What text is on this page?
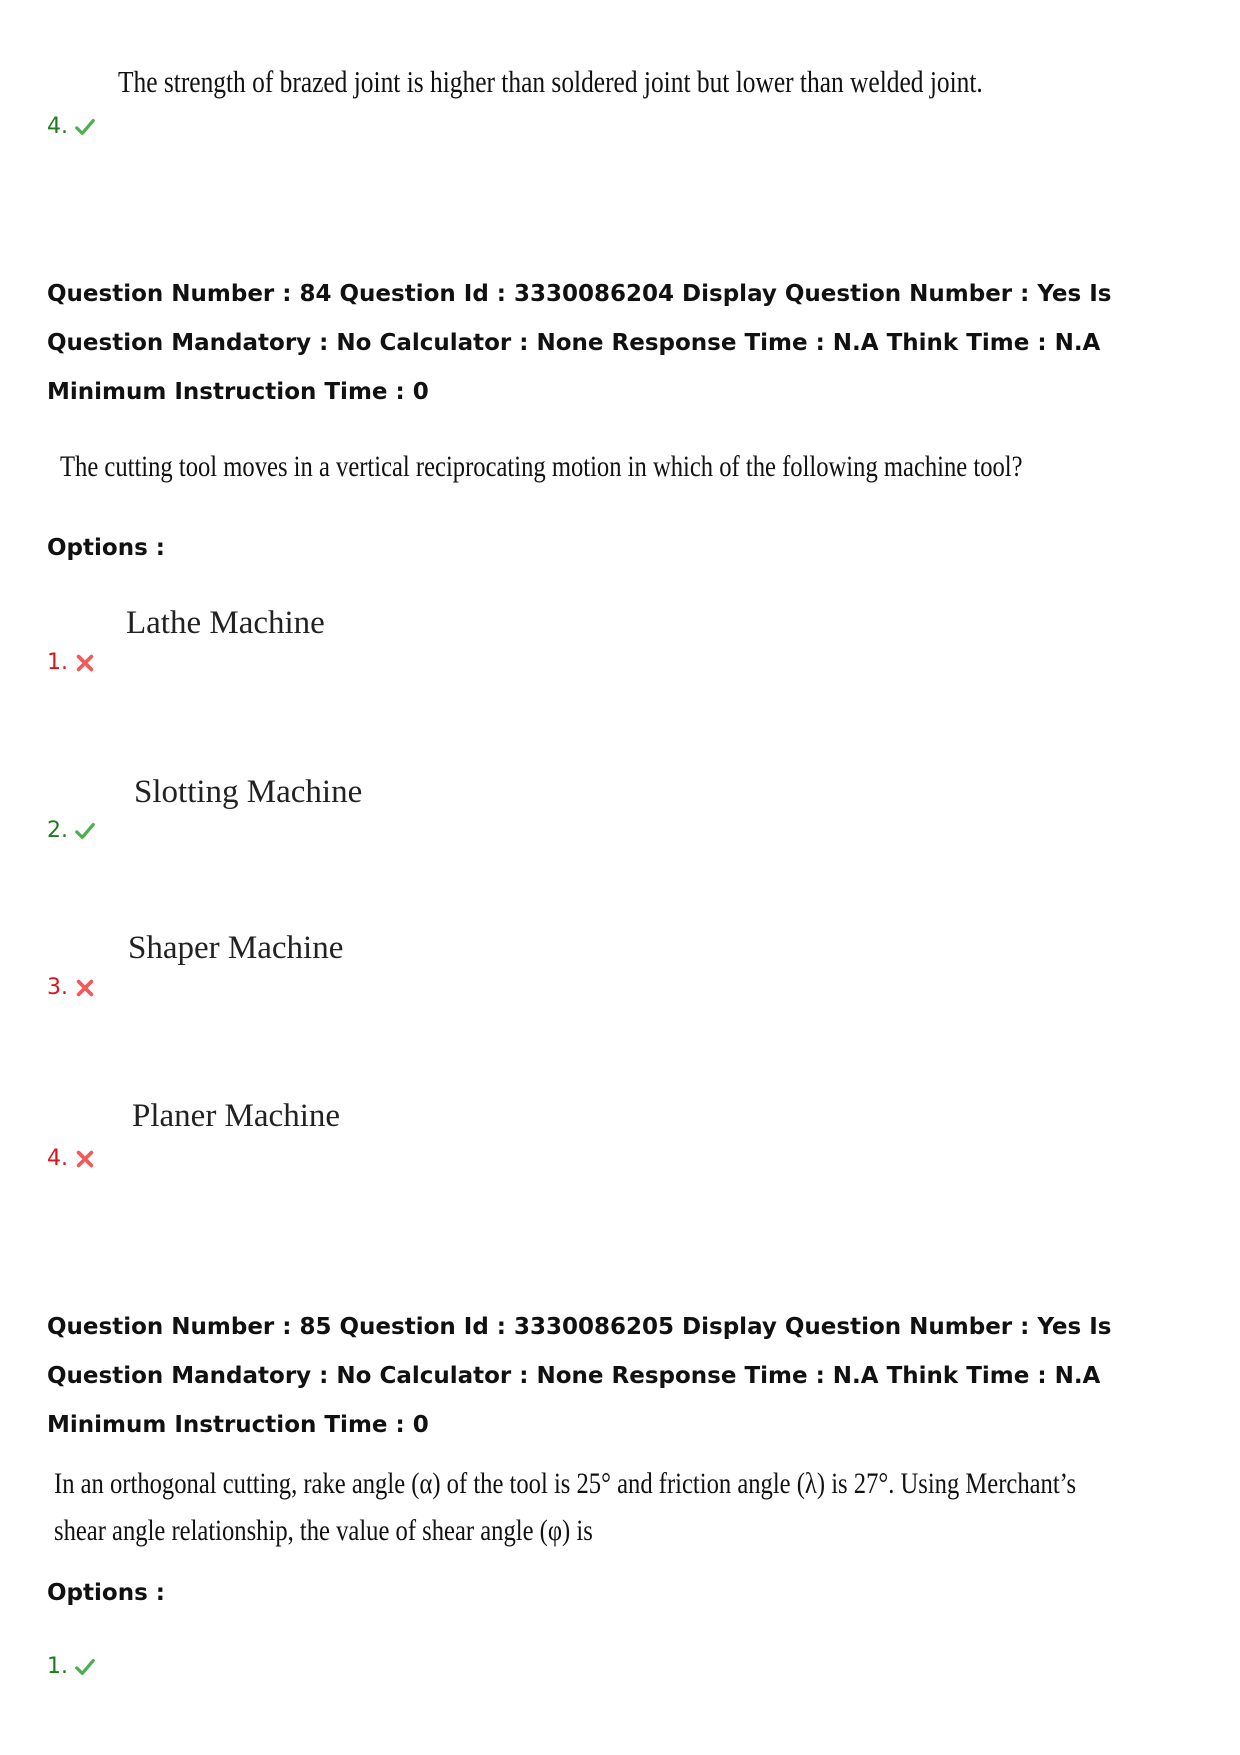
The strength of brazed joint is higher than soldered joint but lower than welded joint.
4.
Question Number : 84 Question Id : 3330086204 Display Question Number : Yes Is Question Mandatory : No Calculator : None Response Time : N.A Think Time : N.A Minimum Instruction Time : 0
The cutting tool moves in a vertical reciprocating motion in which of the following machine tool?
Options :
Lathe Machine
1.
Slotting Machine
2.
Shaper Machine
3.
Planer Machine
4.
Question Number : 85 Question Id : 3330086205 Display Question Number : Yes Is Question Mandatory : No Calculator : None Response Time : N.A Think Time : N.A Minimum Instruction Time : 0
In an orthogonal cutting, rake angle (α) of the tool is 25° and friction angle (λ) is 27°. Using Merchant’s
shear angle relationship, the value of shear angle (φ) is
Options :
1.
